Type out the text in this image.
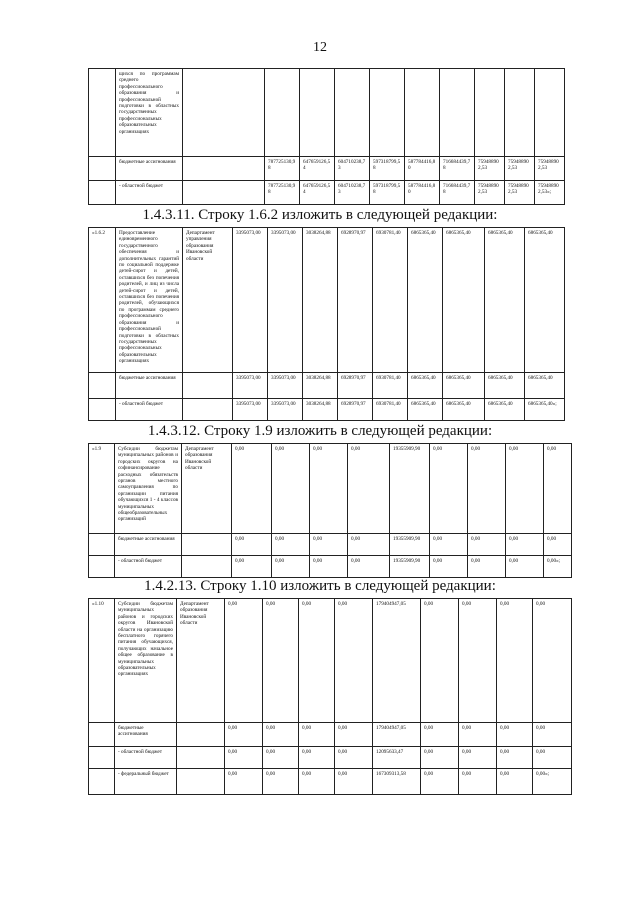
12
	щихся по программам среднего профессионального образования и профессиональной подготовки в областных государственных профессиональных образовательных организациях										
	бюджетные ассигнования		787725130,98	647659126,54	604710238,73	597318799,58	587784416,80	716684439,78	759488902,53	759488902,53	759488902,53
	- областной бюджет		787725130,98	647659126,54	604710238,73	597318799,58	587784416,80	716684439,78	759488902,53	759488902,53	759488902,53»;
1.4.3.11. Строку 1.6.2 изложить в следующей редакции:
«1.6.2	Предоставление единовременного государственного обеспечения и дополнительных гарантий по социальной поддержке детей-сирот и детей, оставшихся без попечения родителей, и лиц из числа детей-сирот и детей, оставшихся без попечения родителей, обучающихся по программам среднего профессионального образования и профессиональной подготовки в областных государственных профессиональных образовательных организациях	Департамент управления образования Ивановской области	3395073,00	3395073,00	3038264,88	6928970,97	6930781,40	6865365,40	6865365,40	6865365,40	6865365,40
	бюджетные ассигнования		3395073,00	3395073,00	3038264,88	6928970,97	6930781,40	6865365,40	6865365,40	6865365,40	6865365,40
	- областной бюджет		3395073,00	3395073,00	3038264,88	6928970,97	6930781,40	6865365,40	6865365,40	6865365,40	6865365,40»;
1.4.3.12. Строку 1.9 изложить в следующей редакции:
«1.9	Субсидии бюджетам муниципальных районов и городских округов на софинансирование расходных обязательств органов местного самоуправления по организации питания обучающихся 1 - 4 классов муниципальных общеобразовательных организаций	Департамент образования Ивановской области	0,00	0,00	0,00	0,00	19355909,90	0,00	0,00	0,00	0,00
	бюджетные ассигнования		0,00	0,00	0,00	0,00	19355909,90	0,00	0,00	0,00	0,00
	- областной бюджет		0,00	0,00	0,00	0,00	19355909,90	0,00	0,00	0,00	0,00»;
1.4.2.13. Строку 1.10 изложить в следующей редакции:
«1.10	Субсидии бюджетам муниципальных районов и городских округов Ивановской области на организацию бесплатного горячего питания обучающихся, получающих начальное общее образование в муниципальных образовательных организациях	Департамент образования Ивановской области	0,00	0,00	0,00	0,00	179404947,05	0,00	0,00	0,00	0,00
	бюджетные ассигнования		0,00	0,00	0,00	0,00	179404947,05	0,00	0,00	0,00	0,00
	- областной бюджет		0,00	0,00	0,00	0,00	12095633,47	0,00	0,00	0,00	0,00
	- федеральный бюджет		0,00	0,00	0,00	0,00	167309313,58	0,00	0,00	0,00	0,00»;
